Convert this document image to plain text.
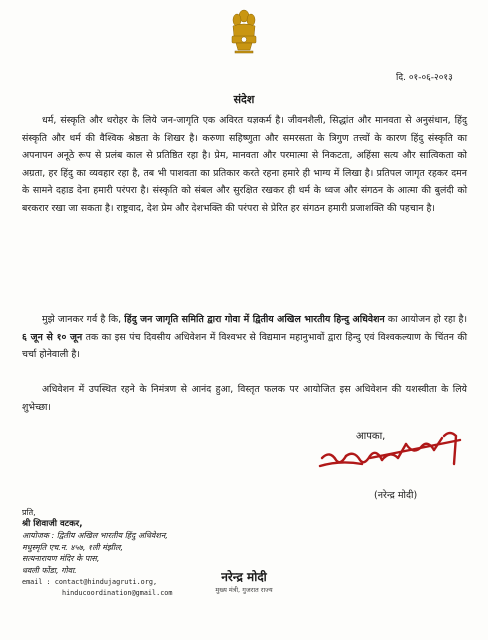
दि. ०१-०६-२०१३
संदेश

धर्म, संस्कृति और धरोहर के लिये जन-जागृति एक अविरत यज्ञकर्म है। जीवनशैली, सिद्धांत और मानवता से अनुसंधान, हिंदु संस्कृति और धर्म की वैश्विक श्रेष्ठता के शिखर है। करुणा सहिष्णुता और समरसता के त्रिगुण तत्त्वों के कारण हिंदु संस्कृति का अपनापन अनूठे रूप से प्रलंब काल से प्रतिष्ठित रहा है। प्रेम, मानवता और परमात्मा से निकटता, अहिंसा सत्य और सात्विकता को अग्रता, हर हिंदु का व्यवहार रहा है, तब भी पाशवता का प्रतिकार करते रहना हमारे ही भाग्य में लिखा है। प्रतिपल जागृत रहकर दमन के सामने दहाड देना हमारी परंपरा है। संस्कृति को संबल और सुरक्षित रखकर ही धर्म के ध्वज और संगठन के आत्मा की बुलंदी को बरकरार रखा जा सकता है। राष्ट्रवाद, देश प्रेम और देशभक्ति की परंपरा से प्रेरित हर संगठन हमारी प्रजाशक्ति की पहचान है।

मुझे जानकर गर्व है कि, हिंदु जन जागृति समिति द्वारा गोवा में द्वितीय अखिल भारतीय हिन्दु अधिवेशन का आयोजन हो रहा है। ६ जून से १० जून तक का इस पंच दिवसीय अधिवेशन में विश्वभर से विद्यमान महानुभावों द्वारा हिन्दु एवं विश्वकल्याण के चिंतन की चर्चा होनेवाली है।

अधिवेशन में उपस्थित रहने के निमंत्रण से आनंद हुआ, विस्तृत फलक पर आयोजित इस अधिवेशन की यशस्वीता के लिये शुभेच्छा।

आपका,
(नरेन्द्र मोदी)
प्रति,
श्री शिवाजी वटकर,
आयोजक : द्वितीय अखिल भारतीय हिंदु अधिवेशन,
मधुस्मृति एच.न. ४५७, १ली मंझील,
सत्यनारायण मंदिर के पास,
धवली फोंडा, गोवा.
email : contact@hindujagruti.org,
hinducoordination@gmail.com
नरेन्द्र मोदी
मुख्य मंत्री, गुजरात राज्य
